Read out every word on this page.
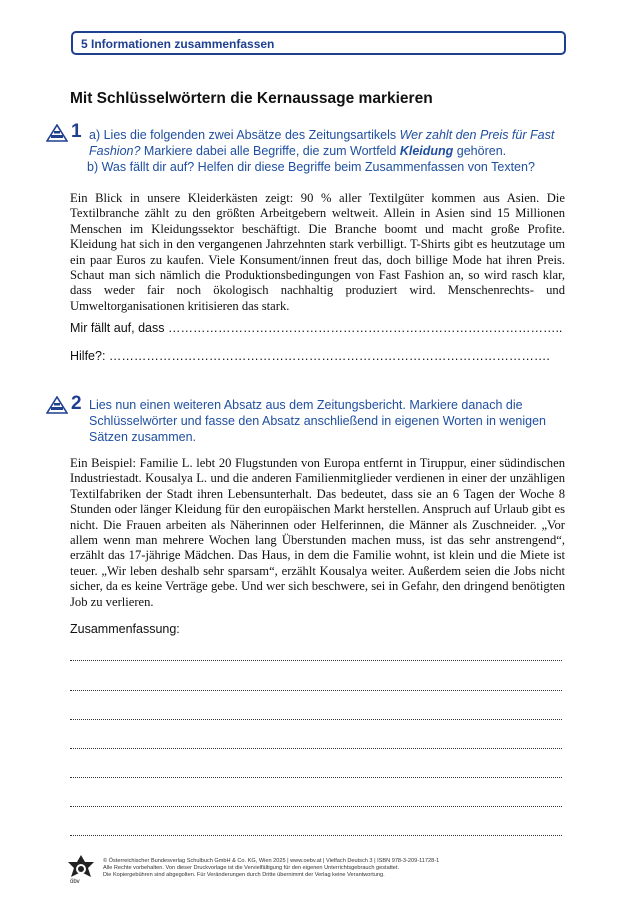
5 Informationen zusammenfassen
Mit Schlüsselwörtern die Kernaussage markieren
1 a) Lies die folgenden zwei Absätze des Zeitungsartikels Wer zahlt den Preis für Fast Fashion? Markiere dabei alle Begriffe, die zum Wortfeld Kleidung gehören.
b) Was fällt dir auf? Helfen dir diese Begriffe beim Zusammenfassen von Texten?
Ein Blick in unsere Kleiderkästen zeigt: 90 % aller Textilgüter kommen aus Asien. Die Textilbranche zählt zu den größten Arbeitgebern weltweit. Allein in Asien sind 15 Millionen Menschen im Kleidungssektor beschäftigt. Die Branche boomt und macht große Profite. Kleidung hat sich in den vergangenen Jahrzehnten stark verbilligt. T-Shirts gibt es heutzutage um ein paar Euros zu kaufen. Viele Konsument/innen freut das, doch billige Mode hat ihren Preis. Schaut man sich nämlich die Produktionsbedingungen von Fast Fashion an, so wird rasch klar, dass weder fair noch ökologisch nachhaltig produziert wird. Menschenrechts- und Umweltorganisationen kritisieren das stark.
Mir fällt auf, dass …………………………………………………………………………………..
Hilfe?: …………………………………………………………………………………………….
2 Lies nun einen weiteren Absatz aus dem Zeitungsbericht. Markiere danach die Schlüsselwörter und fasse den Absatz anschließend in eigenen Worten in wenigen Sätzen zusammen.
Ein Beispiel: Familie L. lebt 20 Flugstunden von Europa entfernt in Tiruppur, einer südindischen Industriestadt. Kousalya L. und die anderen Familienmitglieder verdienen in einer der unzähligen Textilfabriken der Stadt ihren Lebensunterhalt. Das bedeutet, dass sie an 6 Tagen der Woche 8 Stunden oder länger Kleidung für den europäischen Markt herstellen. Anspruch auf Urlaub gibt es nicht. Die Frauen arbeiten als Näherinnen oder Helferinnen, die Männer als Zuschneider. „Vor allem wenn man mehrere Wochen lang Überstunden machen muss, ist das sehr anstrengend“, erzählt das 17-jährige Mädchen. Das Haus, in dem die Familie wohnt, ist klein und die Miete ist teuer. „Wir leben deshalb sehr sparsam“, erzählt Kousalya weiter. Außerdem seien die Jobs nicht sicher, da es keine Verträge gebe. Und wer sich beschwere, sei in Gefahr, den dringend benötigten Job zu verlieren.
Zusammenfassung:
öbv
© Österreichischer Bundesverlag Schulbuch GmbH & Co. KG, Wien 2025 | www.oebv.at | Vielfach Deutsch 3 | ISBN 978-3-209-11728-1
Alle Rechte vorbehalten. Von dieser Druckvorlage ist die Vervielfältigung für den eigenen Unterrichtsgebrauch gestattet.
Die Kopiergebühren sind abgegolten. Für Veränderungen durch Dritte übernimmt der Verlag keine Verantwortung.
